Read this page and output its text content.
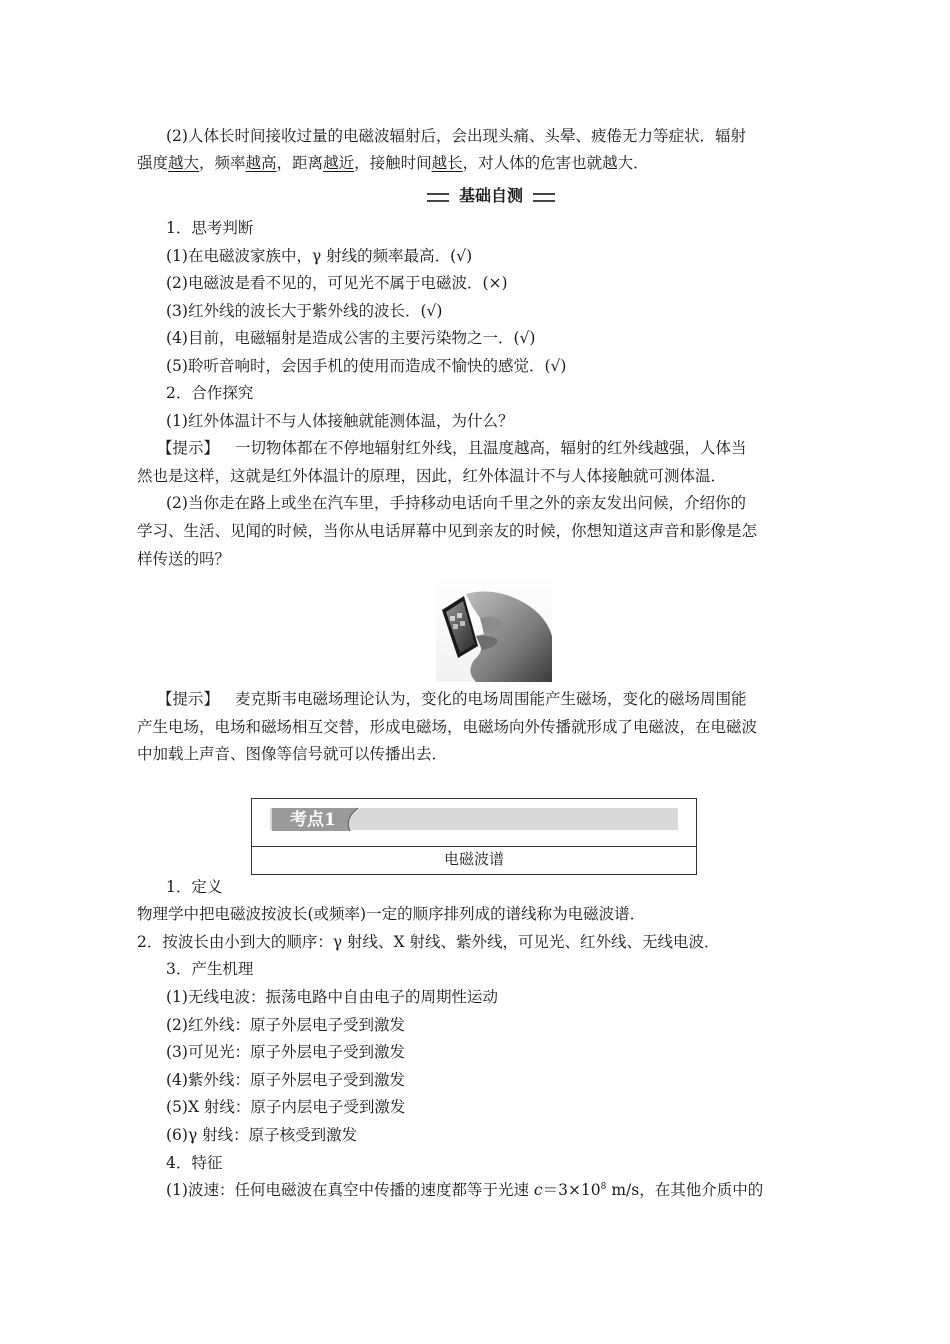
(2)人体长时间接收过量的电磁波辐射后，会出现头痛、头晕、疲倦无力等症状．辐射
强度越大，频率越高，距离越近，接触时间越长，对人体的危害也就越大．
基础自测
1．思考判断
(1)在电磁波家族中，γ 射线的频率最高．(√)
(2)电磁波是看不见的，可见光不属于电磁波．(×)
(3)红外线的波长大于紫外线的波长．(√)
(4)目前，电磁辐射是造成公害的主要污染物之一．(√)
(5)聆听音响时，会因手机的使用而造成不愉快的感觉．(√)
2．合作探究
(1)红外体温计不与人体接触就能测体温，为什么？
【提示】 一切物体都在不停地辐射红外线，且温度越高，辐射的红外线越强，人体当
然也是这样，这就是红外体温计的原理，因此，红外体温计不与人体接触就可测体温．
(2)当你走在路上或坐在汽车里，手持移动电话向千里之外的亲友发出问候，介绍你的
学习、生活、见闻的时候，当你从电话屏幕中见到亲友的时候，你想知道这声音和影像是怎
样传送的吗？
【提示】 麦克斯韦电磁场理论认为，变化的电场周围能产生磁场，变化的磁场周围能
产生电场，电场和磁场相互交替，形成电磁场，电磁场向外传播就形成了电磁波，在电磁波
中加载上声音、图像等信号就可以传播出去．
考点1
电磁波谱
1．定义
物理学中把电磁波按波长(或频率)一定的顺序排列成的谱线称为电磁波谱．
2．按波长由小到大的顺序：γ 射线、X 射线、紫外线，可见光、红外线、无线电波．
3．产生机理
(1)无线电波：振荡电路中自由电子的周期性运动
(2)红外线：原子外层电子受到激发
(3)可见光：原子外层电子受到激发
(4)紫外线：原子外层电子受到激发
(5)X 射线：原子内层电子受到激发
(6)γ 射线：原子核受到激发
4．特征
(1)波速：任何电磁波在真空中传播的速度都等于光速 $c=3\times 10^8$ m/s，在其他介质中的
